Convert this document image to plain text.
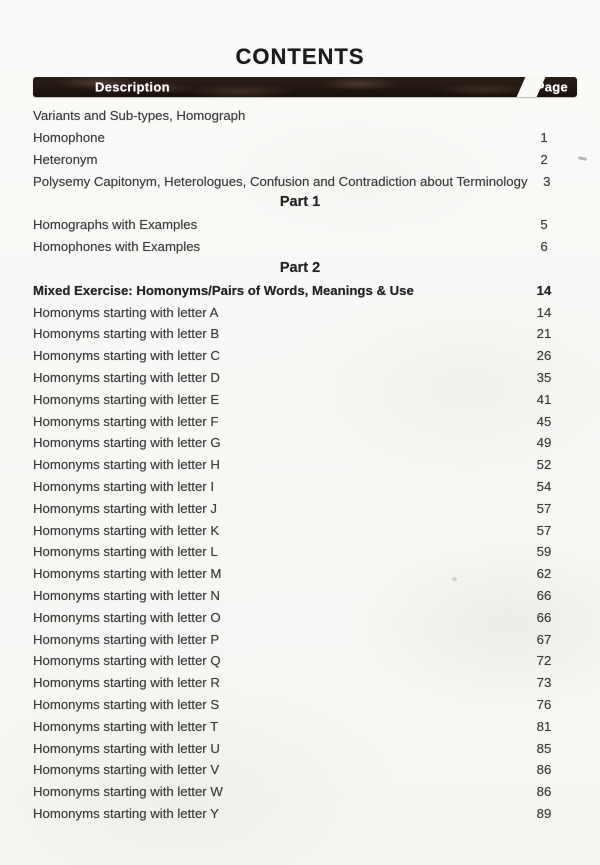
CONTENTS
Description	Page
Variants and Sub-types, Homograph
Homophone	1
Heteronym	2
Polysemy Capitonym, Heterologues, Confusion and Contradiction about Terminology	3
Part 1
Homographs with Examples	5
Homophones with Examples	6
Part 2
Mixed Exercise: Homonyms/Pairs of Words, Meanings & Use	14
Homonyms starting with letter A	14
Homonyms starting with letter B	21
Homonyms starting with letter C	26
Homonyms starting with letter D	35
Homonyms starting with letter E	41
Homonyms starting with letter F	45
Homonyms starting with letter G	49
Homonyms starting with letter H	52
Homonyms starting with letter I	54
Homonyms starting with letter J	57
Homonyms starting with letter K	57
Homonyms starting with letter L	59
Homonyms starting with letter M	62
Homonyms starting with letter N	66
Homonyms starting with letter O	66
Homonyms starting with letter P	67
Homonyms starting with letter Q	72
Homonyms starting with letter R	73
Homonyms starting with letter S	76
Homonyms starting with letter T	81
Homonyms starting with letter U	85
Homonyms starting with letter V	86
Homonyms starting with letter W	86
Homonyms starting with letter Y	89
